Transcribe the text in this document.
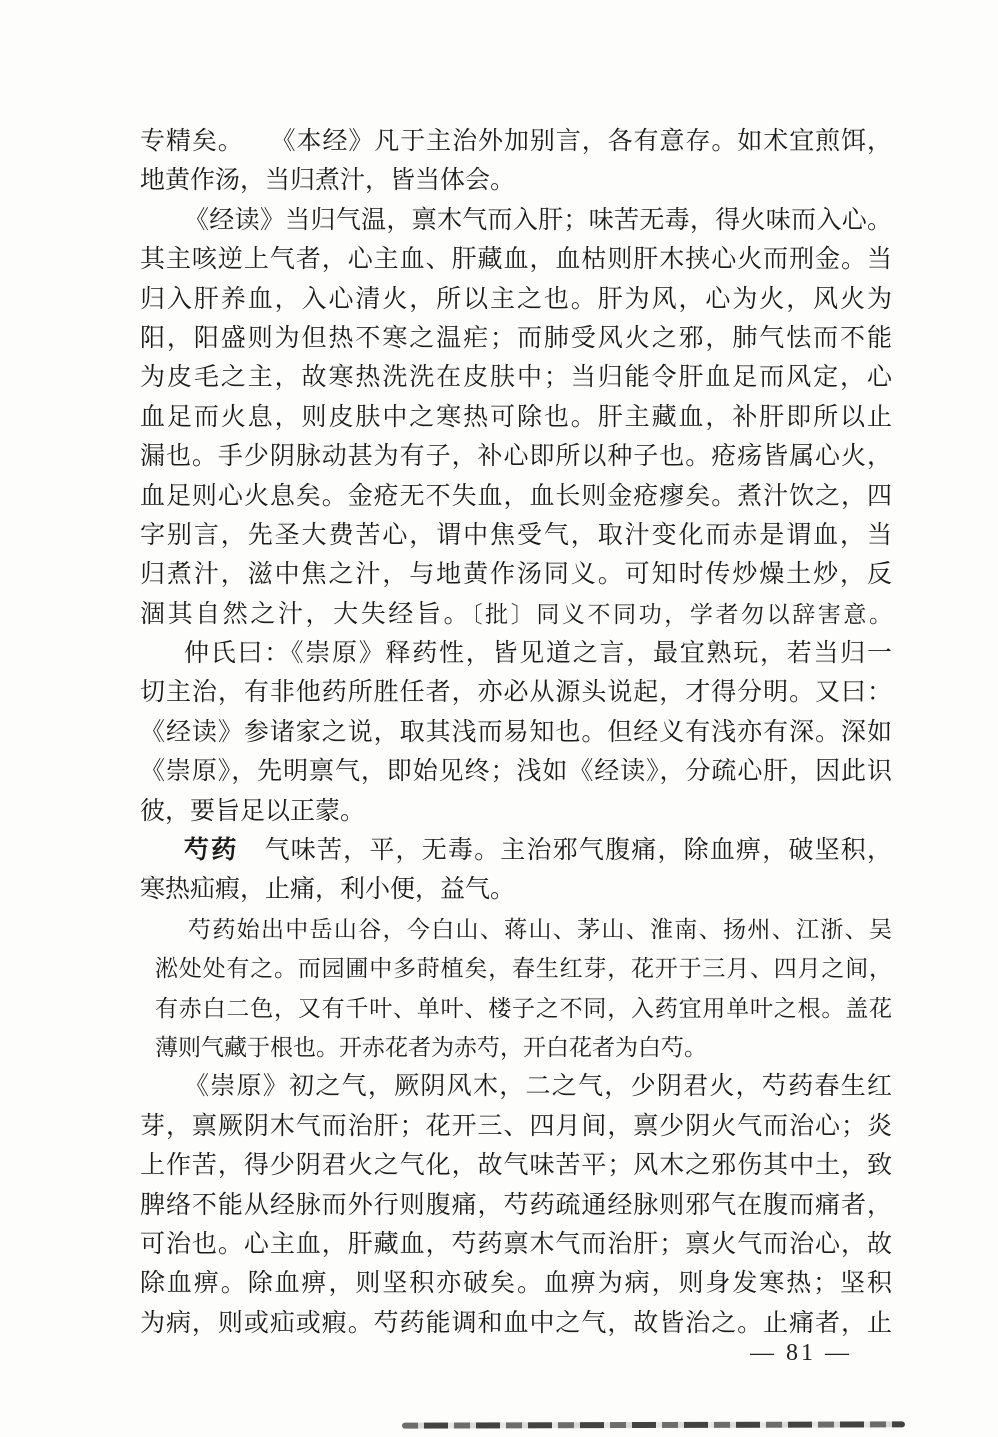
专精矣。　　《本经》凡于主治外加别言，各有意存。如术宜煎饵，
地黄作汤，当归煮汁，皆当体会。
《经读》当归气温，禀木气而入肝；味苦无毒，得火味而入心。
其主咳逆上气者，心主血、肝藏血，血枯则肝木挟心火而刑金。当
归入肝养血，入心清火，所以主之也。肝为风，心为火，风火为
阳，阳盛则为但热不寒之温疟；而肺受风火之邪，肺气怯而不能
为皮毛之主，故寒热洗洗在皮肤中；当归能令肝血足而风定，心
血足而火息，则皮肤中之寒热可除也。肝主藏血，补肝即所以止
漏也。手少阴脉动甚为有子，补心即所以种子也。疮疡皆属心火，
血足则心火息矣。金疮无不失血，血长则金疮瘳矣。煮汁饮之，四
字别言，先圣大费苦心，谓中焦受气，取汁变化而赤是谓血，当
归煮汁，滋中焦之汁，与地黄作汤同义。可知时传炒燥土炒，反
涸其自然之汁，大失经旨。〔批〕同义不同功，学者勿以辞害意。
仲氏曰：《崇原》释药性，皆见道之言，最宜熟玩，若当归一
切主治，有非他药所胜任者，亦必从源头说起，才得分明。又曰：
《经读》参诸家之说，取其浅而易知也。但经义有浅亦有深。深如
《崇原》，先明禀气，即始见终；浅如《经读》，分疏心肝，因此识
彼，要旨足以正蒙。
芍药　气味苦，平，无毒。主治邪气腹痛，除血痹，破坚积，
寒热疝瘕，止痛，利小便，益气。
芍药始出中岳山谷，今白山、蒋山、茅山、淮南、扬州、江浙、吴
淞处处有之。而园圃中多莳植矣，春生红芽，花开于三月、四月之间，
有赤白二色，又有千叶、单叶、楼子之不同，入药宜用单叶之根。盖花
薄则气藏于根也。开赤花者为赤芍，开白花者为白芍。
《崇原》初之气，厥阴风木，二之气，少阴君火，芍药春生红
芽，禀厥阴木气而治肝；花开三、四月间，禀少阴火气而治心；炎
上作苦，得少阴君火之气化，故气味苦平；风木之邪伤其中土，致
脾络不能从经脉而外行则腹痛，芍药疏通经脉则邪气在腹而痛者，
可治也。心主血，肝藏血，芍药禀木气而治肝；禀火气而治心，故
除血痹。除血痹，则坚积亦破矣。血痹为病，则身发寒热；坚积
为病，则或疝或瘕。芍药能调和血中之气，故皆治之。止痛者，止
— 81 —
